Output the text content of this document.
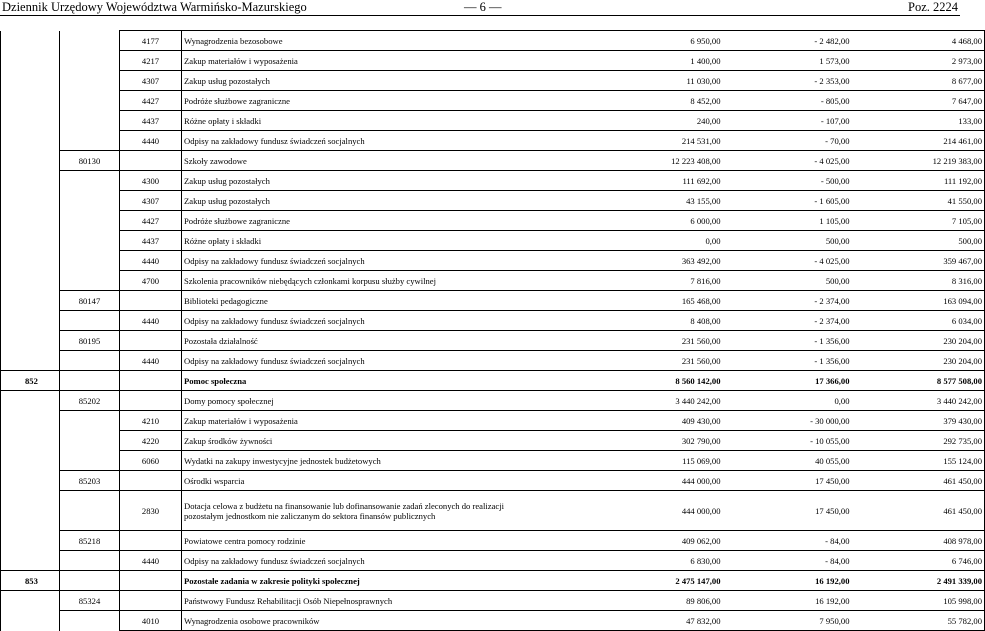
Dziennik Urzędowy Województwa Warmińsko-Mazurskiego	— 6 —	Poz. 2224
		4177	Wynagrodzenia bezosobowe	6 950,00	- 2 482,00	4 468,00
		4217	Zakup materiałów i wyposażenia	1 400,00	1 573,00	2 973,00
		4307	Zakup usług pozostałych	11 030,00	- 2 353,00	8 677,00
		4427	Podróże służbowe zagraniczne	8 452,00	- 805,00	7 647,00
		4437	Różne opłaty i składki	240,00	- 107,00	133,00
		4440	Odpisy na zakładowy fundusz świadczeń socjalnych	214 531,00	- 70,00	214 461,00
	80130		Szkoły zawodowe	12 223 408,00	- 4 025,00	12 219 383,00
		4300	Zakup usług pozostałych	111 692,00	- 500,00	111 192,00
		4307	Zakup usług pozostałych	43 155,00	- 1 605,00	41 550,00
		4427	Podróże służbowe zagraniczne	6 000,00	1 105,00	7 105,00
		4437	Różne opłaty i składki	0,00	500,00	500,00
		4440	Odpisy na zakładowy fundusz świadczeń socjalnych	363 492,00	- 4 025,00	359 467,00
		4700	Szkolenia pracowników niebędących członkami korpusu służby cywilnej	7 816,00	500,00	8 316,00
	80147		Biblioteki pedagogiczne	165 468,00	- 2 374,00	163 094,00
		4440	Odpisy na zakładowy fundusz świadczeń socjalnych	8 408,00	- 2 374,00	6 034,00
	80195		Pozostała działalność	231 560,00	- 1 356,00	230 204,00
		4440	Odpisy na zakładowy fundusz świadczeń socjalnych	231 560,00	- 1 356,00	230 204,00
852			Pomoc społeczna	8 560 142,00	17 366,00	8 577 508,00
	85202		Domy pomocy społecznej	3 440 242,00	0,00	3 440 242,00
		4210	Zakup materiałów i wyposażenia	409 430,00	- 30 000,00	379 430,00
		4220	Zakup środków żywności	302 790,00	- 10 055,00	292 735,00
		6060	Wydatki na zakupy inwestycyjne jednostek budżetowych	115 069,00	40 055,00	155 124,00
	85203		Ośrodki wsparcia	444 000,00	17 450,00	461 450,00
		2830	Dotacja celowa z budżetu na finansowanie lub dofinansowanie zadań zleconych do realizacji
pozostałym jednostkom nie zaliczanym do sektora finansów publicznych	444 000,00	17 450,00	461 450,00
	85218		Powiatowe centra pomocy rodzinie	409 062,00	- 84,00	408 978,00
		4440	Odpisy na zakładowy fundusz świadczeń socjalnych	6 830,00	- 84,00	6 746,00
853			Pozostałe zadania w zakresie polityki społecznej	2 475 147,00	16 192,00	2 491 339,00
	85324		Państwowy Fundusz Rehabilitacji Osób Niepełnosprawnych	89 806,00	16 192,00	105 998,00
		4010	Wynagrodzenia osobowe pracowników	47 832,00	7 950,00	55 782,00
